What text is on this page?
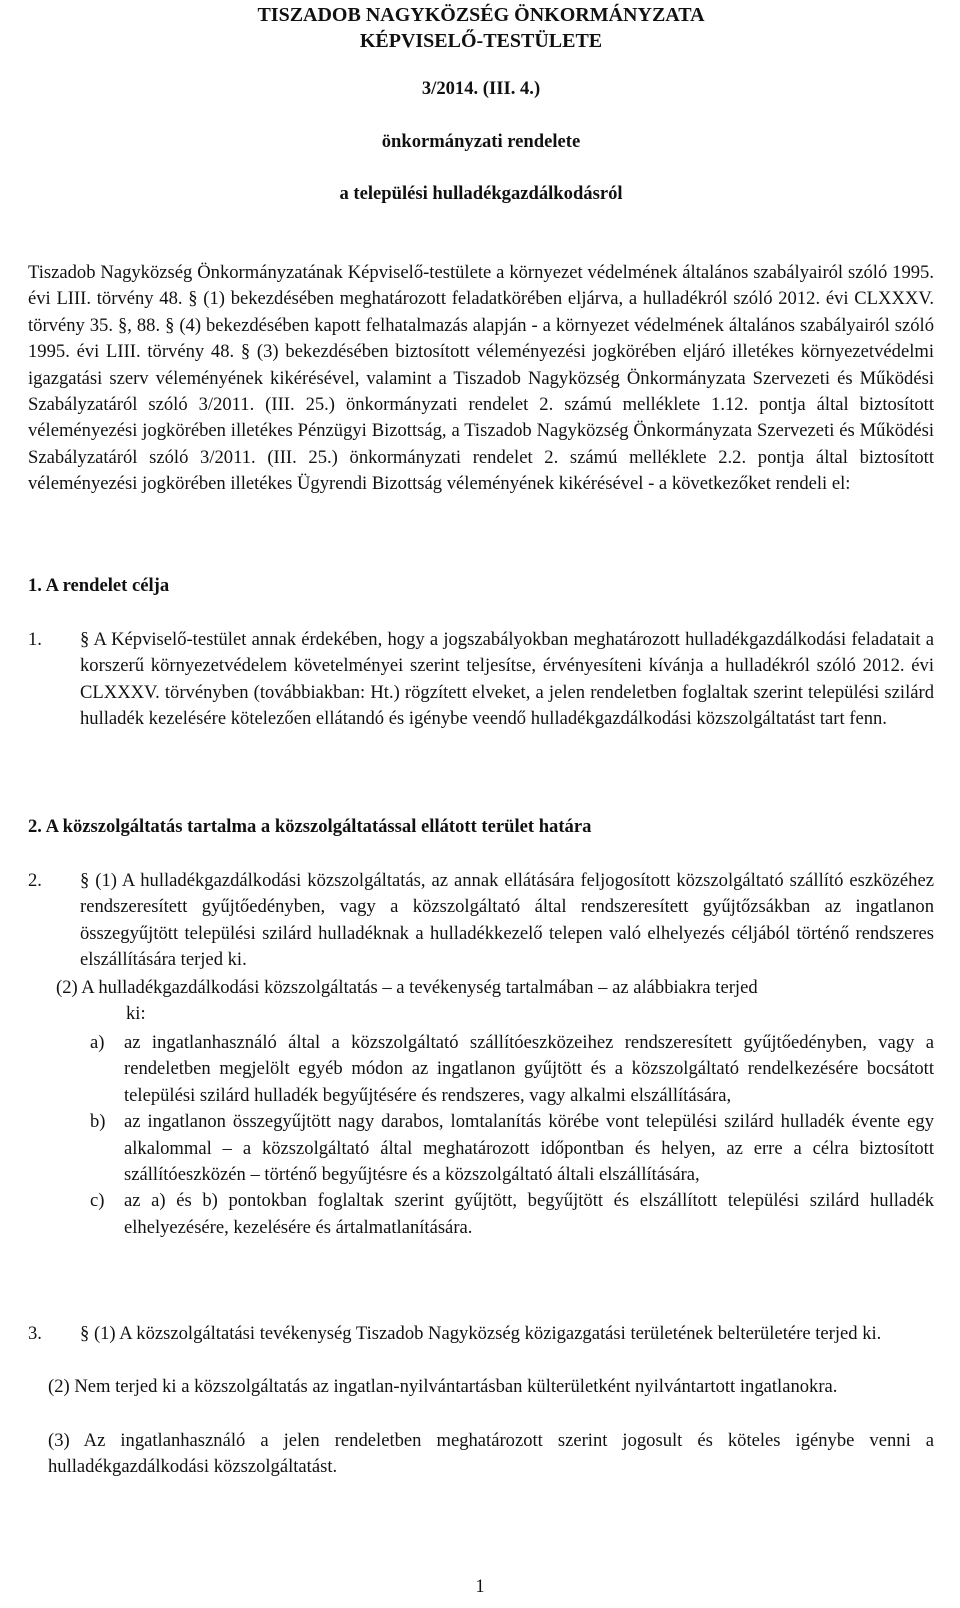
TISZADOB NAGYKÖZSÉG ÖNKORMÁNYZATA
KÉPVISELŐ-TESTÜLETE
3/2014. (III. 4.)
önkormányzati rendelete
a települési hulladékgazdálkodásról
Tiszadob Nagyközség Önkormányzatának Képviselő-testülete a környezet védelmének általános szabályairól szóló 1995. évi LIII. törvény 48. § (1) bekezdésében meghatározott feladatkörében eljárva, a hulladékról szóló 2012. évi CLXXXV. törvény 35. §, 88. § (4) bekezdésében kapott felhatalmazás alapján - a környezet védelmének általános szabályairól szóló 1995. évi LIII. törvény 48. § (3) bekezdésében biztosított véleményezési jogkörében eljáró illetékes környezetvédelmi igazgatási szerv véleményének kikérésével, valamint a Tiszadob Nagyközség Önkormányzata Szervezeti és Működési Szabályzatáról szóló 3/2011. (III. 25.) önkormányzati rendelet 2. számú melléklete 1.12. pontja által biztosított véleményezési jogkörében illetékes Pénzügyi Bizottság, a Tiszadob Nagyközség Önkormányzata Szervezeti és Működési Szabályzatáról szóló 3/2011. (III. 25.) önkormányzati rendelet 2. számú melléklete 2.2. pontja által biztosított véleményezési jogkörében illetékes Ügyrendi Bizottság véleményének kikérésével - a következőket rendeli el:
1. A rendelet célja
1.	§ A Képviselő-testület annak érdekében, hogy a jogszabályokban meghatározott hulladékgazdálkodási feladatait a korszerű környezetvédelem követelményei szerint teljesítse, érvényesíteni kívánja a hulladékról szóló 2012. évi CLXXXV. törvényben (továbbiakban: Ht.) rögzített elveket, a jelen rendeletben foglaltak szerint települési szilárd hulladék kezelésére kötelezően ellátandó és igénybe veendő hulladékgazdálkodási közszolgáltatást tart fenn.
2. A közszolgáltatás tartalma a közszolgáltatással ellátott terület határa
2.	§ (1) A hulladékgazdálkodási közszolgáltatás, az annak ellátására feljogosított közszolgáltató szállító eszközéhez rendszeresített gyűjtőedényben, vagy a közszolgáltató által rendszeresített gyűjtőzsákban az ingatlanon összegyűjtött települési szilárd hulladéknak a hulladékkezelő telepen való elhelyezés céljából történő rendszeres elszállítására terjed ki.
(2) A hulladékgazdálkodási közszolgáltatás – a tevékenység tartalmában – az alábbiakra terjed
ki:
a)	az ingatlanhasználó által a közszolgáltató szállítóeszközeihez rendszeresített gyűjtőedényben, vagy a rendeletben megjelölt egyéb módon az ingatlanon gyűjtött és a közszolgáltató rendelkezésére bocsátott települési szilárd hulladék begyűjtésére és rendszeres, vagy alkalmi elszállítására,
b) az ingatlanon összegyűjtött nagy darabos, lomtalanítás körébe vont települési szilárd hulladék évente egy alkalommal – a közszolgáltató által meghatározott időpontban és helyen, az erre a célra biztosított szállítóeszközén – történő begyűjtésre és a közszolgáltató általi elszállítására,
c)	az a) és b) pontokban foglaltak szerint gyűjtött, begyűjtött és elszállított települési szilárd hulladék elhelyezésére, kezelésére és ártalmatlanítására.
3.	§ (1) A közszolgáltatási tevékenység Tiszadob Nagyközség közigazgatási területének belterületére terjed ki.
(2) Nem terjed ki a közszolgáltatás az ingatlan-nyilvántartásban külterületként nyilvántartott ingatlanokra.
(3) Az ingatlanhasználó a jelen rendeletben meghatározott szerint jogosult és köteles igénybe venni a hulladékgazdálkodási közszolgáltatást.
1
